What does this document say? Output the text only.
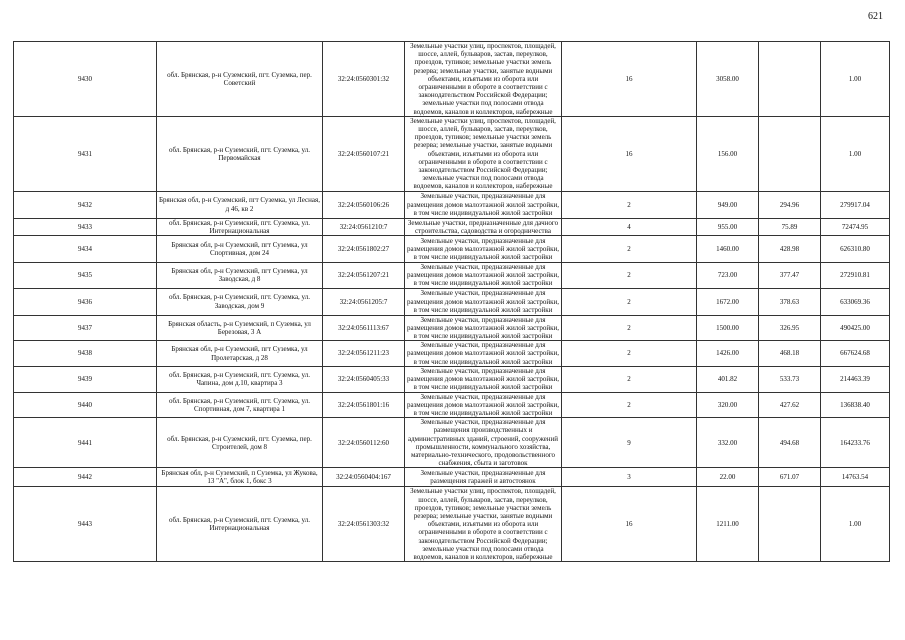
621
9430	обл. Брянская, р-н Суземский, пгт. Суземка, пер. Советский	32:24:0560301:32	Земельные участки улиц, проспектов, площадей, шоссе, аллей, бульваров, застав, переулков, проездов, тупиков; земельные участки земель резерва; земельные участки, занятые водными объектами, изъятыми из оборота или ограниченными в обороте в соответствии с законодательством Российской Федерации; земельные участки под полосами отвода водоемов, каналов и коллекторов, набережные	16	3058.00		1.00
9431	обл. Брянская, р-н Суземский, пгт. Суземка, ул. Первомайская	32:24:0560107:21	Земельные участки улиц, проспектов, площадей, шоссе, аллей, бульваров, застав, переулков, проездов, тупиков; земельные участки земель резерва; земельные участки, занятые водными объектами, изъятыми из оборота или ограниченными в обороте в соответствии с законодательством Российской Федерации; земельные участки под полосами отвода водоемов, каналов и коллекторов, набережные	16	156.00		1.00
9432	Брянская обл, р-н Суземский, пгт Суземка, ул Лесная, д 46, кв 2	32:24:0560106:26	Земельные участки, предназначенные для размещения домов малоэтажной жилой застройки, в том числе индивидуальной жилой застройки	2	949.00	294.96	279917.04
9433	обл. Брянская, р-н Суземский, пгт. Суземка, ул. Интернациональная	32:24:0561210:7	Земельные участки, предназначенные для дачного строительства, садоводства и огородничества	4	955.00	75.89	72474.95
9434	Брянская обл, р-н Суземский, пгт Суземка, ул Спортивная, дом 24	32:24:0561802:27	Земельные участки, предназначенные для размещения домов малоэтажной жилой застройки, в том числе индивидуальной жилой застройки	2	1460.00	428.98	626310.80
9435	Брянская обл, р-н Суземский, пгт Суземка, ул Заводская, д 8	32:24:0561207:21	Земельные участки, предназначенные для размещения домов малоэтажной жилой застройки, в том числе индивидуальной жилой застройки	2	723.00	377.47	272910.81
9436	обл. Брянская, р-н Суземский, пгт. Суземка, ул. Заводская, дом 9	32:24:0561205:7	Земельные участки, предназначенные для размещения домов малоэтажной жилой застройки, в том числе индивидуальной жилой застройки	2	1672.00	378.63	633069.36
9437	Брянская область, р-н Суземский, п Суземка, ул Березовая, 3 А	32:24:0561113:67	Земельные участки, предназначенные для размещения домов малоэтажной жилой застройки, в том числе индивидуальной жилой застройки	2	1500.00	326.95	490425.00
9438	Брянская обл, р-н Суземский, пгт Суземка, ул Пролетарская, д 28	32:24:0561211:23	Земельные участки, предназначенные для размещения домов малоэтажной жилой застройки, в том числе индивидуальной жилой застройки	2	1426.00	468.18	667624.68
9439	обл. Брянская, р-н Суземский, пгт. Суземка, ул. Чапина, дом д.10, квартира 3	32:24:0560405:33	Земельные участки, предназначенные для размещения домов малоэтажной жилой застройки, в том числе индивидуальной жилой застройки	2	401.82	533.73	214463.39
9440	обл. Брянская, р-н Суземский, пгт. Суземка, ул. Спортивная, дом 7, квартира 1	32:24:0561801:16	Земельные участки, предназначенные для размещения домов малоэтажной жилой застройки, в том числе индивидуальной жилой застройки	2	320.00	427.62	136838.40
9441	обл. Брянская, р-н Суземский, пгт. Суземка, пер. Строителей, дом 8	32:24:0560112:60	Земельные участки, предназначенные для размещения производственных и административных зданий, строений, сооружений промышленности, коммунального хозяйства, материально-технического, продовольственного снабжения, сбыта и заготовок	9	332.00	494.68	164233.76
9442	Брянская обл, р-н Суземский, п Суземка, ул Жукова, 13 "А", блок 1, бокс 3	32:24:0560404:167	Земельные участки, предназначенные для размещения гаражей и автостоянок	3	22.00	671.07	14763.54
9443	обл. Брянская, р-н Суземский, пгт. Суземка, ул. Интернациональная	32:24:0561303:32	Земельные участки улиц, проспектов, площадей, шоссе, аллей, бульваров, застав, переулков, проездов, тупиков; земельные участки земель резерва; земельные участки, занятые водными объектами, изъятыми из оборота или ограниченными в обороте в соответствии с законодательством Российской Федерации; земельные участки под полосами отвода водоемов, каналов и коллекторов, набережные	16	1211.00		1.00
